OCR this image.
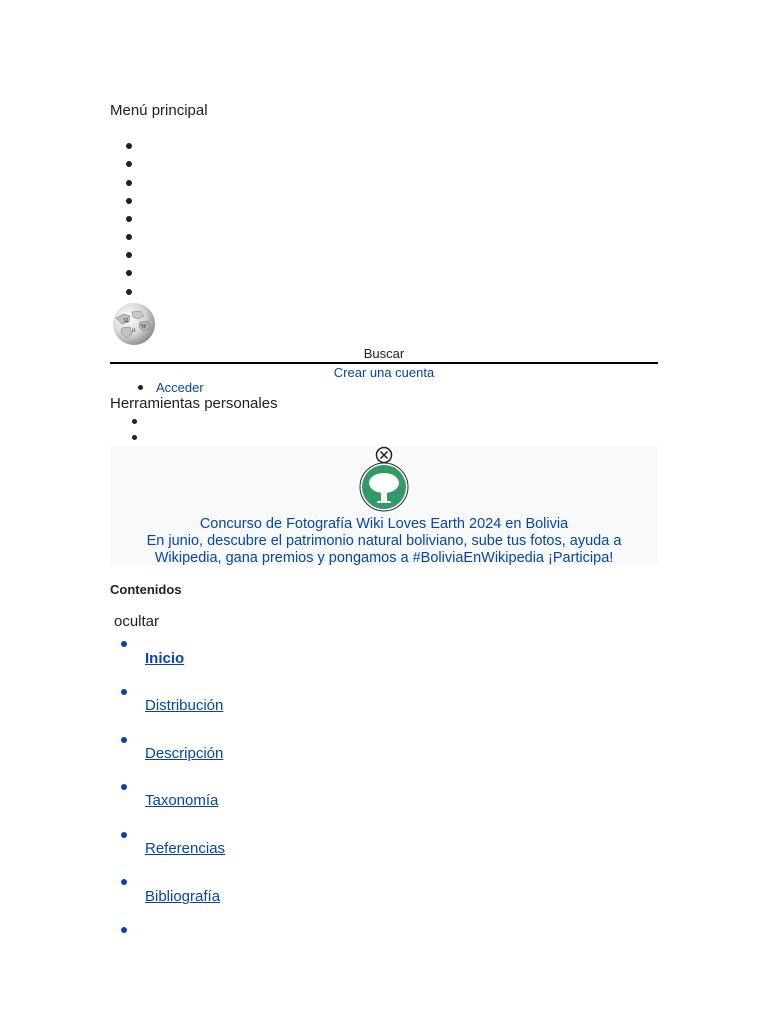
Menú principal
Ω
W
И
Buscar
Crear una cuenta
Acceder
Herramientas personales
Concurso de Fotografía Wiki Loves Earth 2024 en Bolivia
En junio, descubre el patrimonio natural boliviano, sube tus fotos, ayuda a
Wikipedia, gana premios y pongamos a #BoliviaEnWikipedia ¡Participa!
Contenidos
ocultar
Inicio
Distribución
Descripción
Taxonomía
Referencias
Bibliografía
